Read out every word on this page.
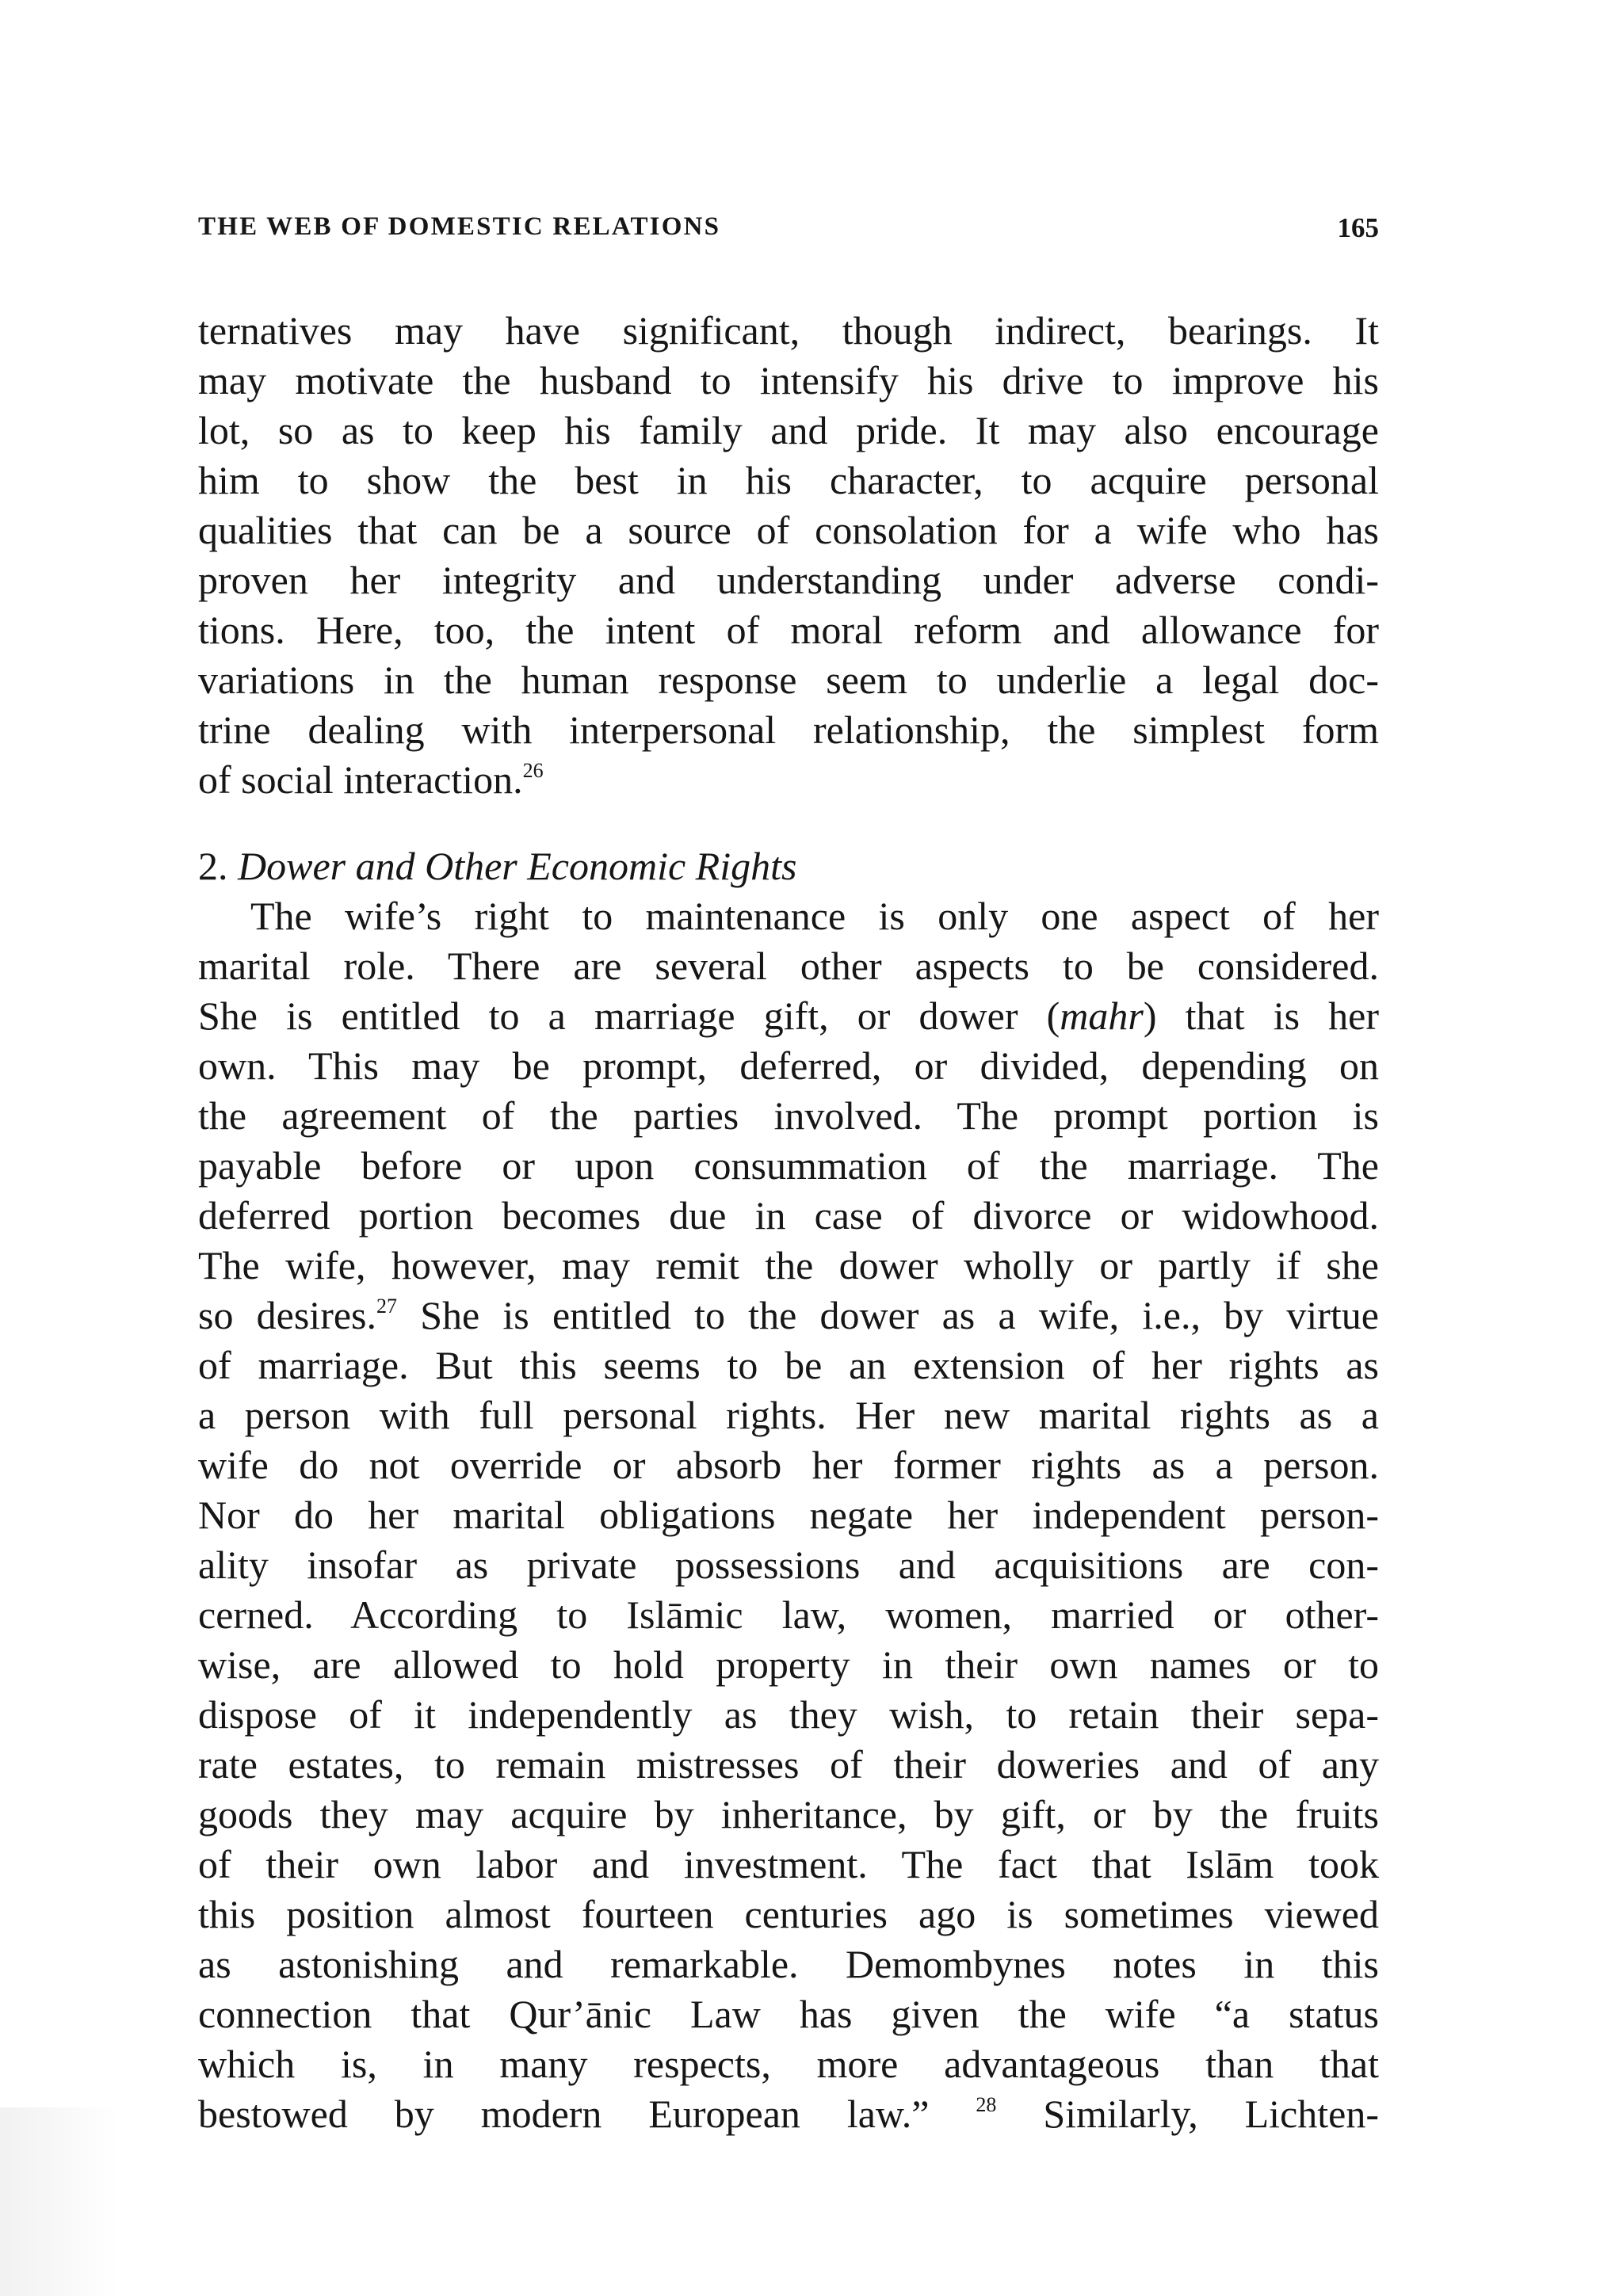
THE WEB OF DOMESTIC RELATIONS	165
ternatives may have significant, though indirect, bearings. It
may motivate the husband to intensify his drive to improve his
lot, so as to keep his family and pride. It may also encourage
him to show the best in his character, to acquire personal
qualities that can be a source of consolation for a wife who has
proven her integrity and understanding under adverse condi-
tions. Here, too, the intent of moral reform and allowance for
variations in the human response seem to underlie a legal doc-
trine dealing with interpersonal relationship, the simplest form
of social interaction.$^{26}$
2. Dower and Other Economic Rights
The wife’s right to maintenance is only one aspect of her
marital role. There are several other aspects to be considered.
She is entitled to a marriage gift, or dower (mahr) that is her
own. This may be prompt, deferred, or divided, depending on
the agreement of the parties involved. The prompt portion is
payable before or upon consummation of the marriage. The
deferred portion becomes due in case of divorce or widowhood.
The wife, however, may remit the dower wholly or partly if she
so desires.$^{27}$ She is entitled to the dower as a wife, i.e., by virtue
of marriage. But this seems to be an extension of her rights as
a person with full personal rights. Her new marital rights as a
wife do not override or absorb her former rights as a person.
Nor do her marital obligations negate her independent person-
ality insofar as private possessions and acquisitions are con-
cerned. According to Islāmic law, women, married or other-
wise, are allowed to hold property in their own names or to
dispose of it independently as they wish, to retain their sepa-
rate estates, to remain mistresses of their doweries and of any
goods they may acquire by inheritance, by gift, or by the fruits
of their own labor and investment. The fact that Islām took
this position almost fourteen centuries ago is sometimes viewed
as astonishing and remarkable. Demombynes notes in this
connection that Qur’ānic Law has given the wife “a status
which is, in many respects, more advantageous than that
bestowed by modern European law.” $^{28}$ Similarly, Lichten-
